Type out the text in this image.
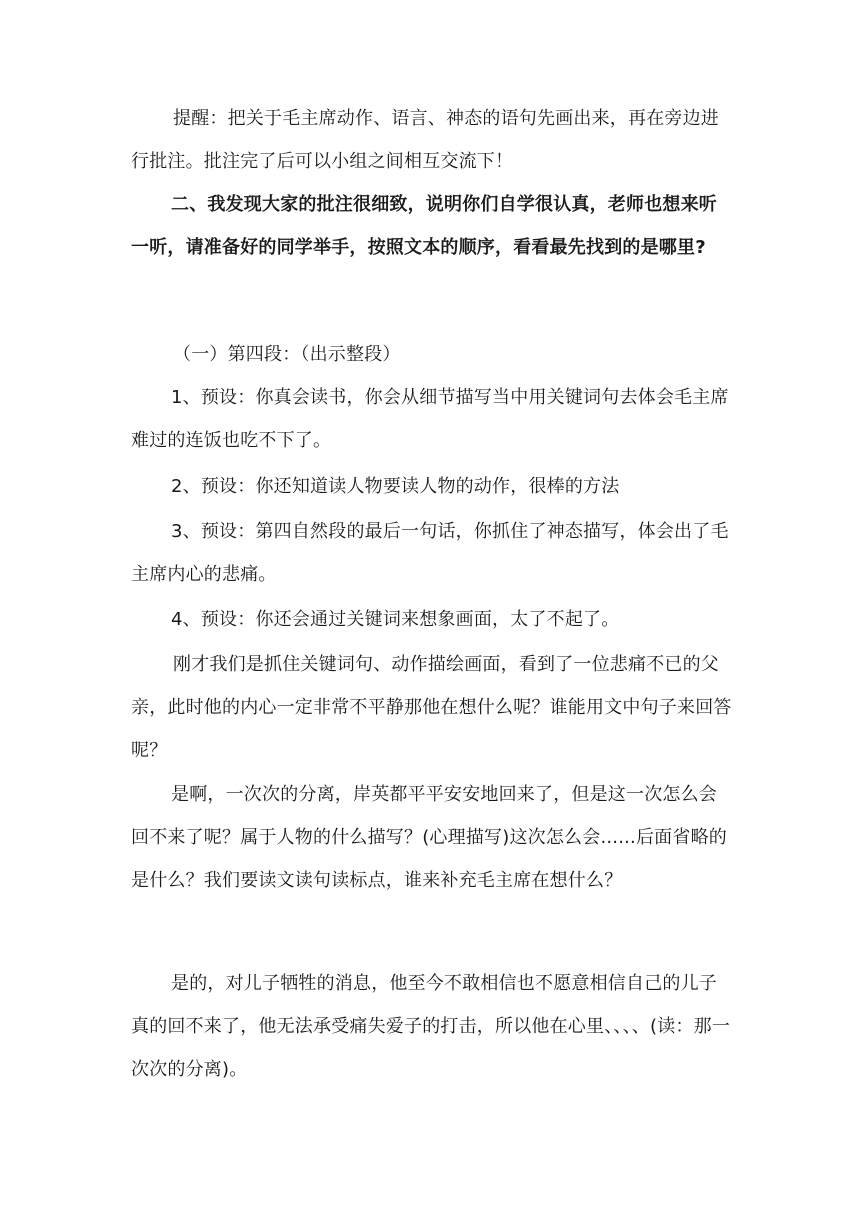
提醒：把关于毛主席动作、语言、神态的语句先画出来，再在旁边进行批注。批注完了后可以小组之间相互交流下！

二、我发现大家的批注很细致，说明你们自学很认真，老师也想来听一听，请准备好的同学举手，按照文本的顺序，看看最先找到的是哪里?

（一）第四段：（出示整段）

1、预设：你真会读书，你会从细节描写当中用关键词句去体会毛主席难过的连饭也吃不下了。

2、预设：你还知道读人物要读人物的动作，很棒的方法

3、预设：第四自然段的最后一句话，你抓住了神态描写，体会出了毛主席内心的悲痛。

4、预设：你还会通过关键词来想象画面，太了不起了。

刚才我们是抓住关键词句、动作描绘画面，看到了一位悲痛不已的父亲，此时他的内心一定非常不平静那他在想什么呢？谁能用文中句子来回答呢？

是啊，一次次的分离，岸英都平平安安地回来了，但是这一次怎么会回不来了呢？属于人物的什么描写？(心理描写)这次怎么会......后面省略的是什么？我们要读文读句读标点，谁来补充毛主席在想什么？

是的，对儿子牺牲的消息，他至今不敢相信也不愿意相信自己的儿子真的回不来了，他无法承受痛失爱子的打击，所以他在心里、、、、(读：那一次次的分离)。
